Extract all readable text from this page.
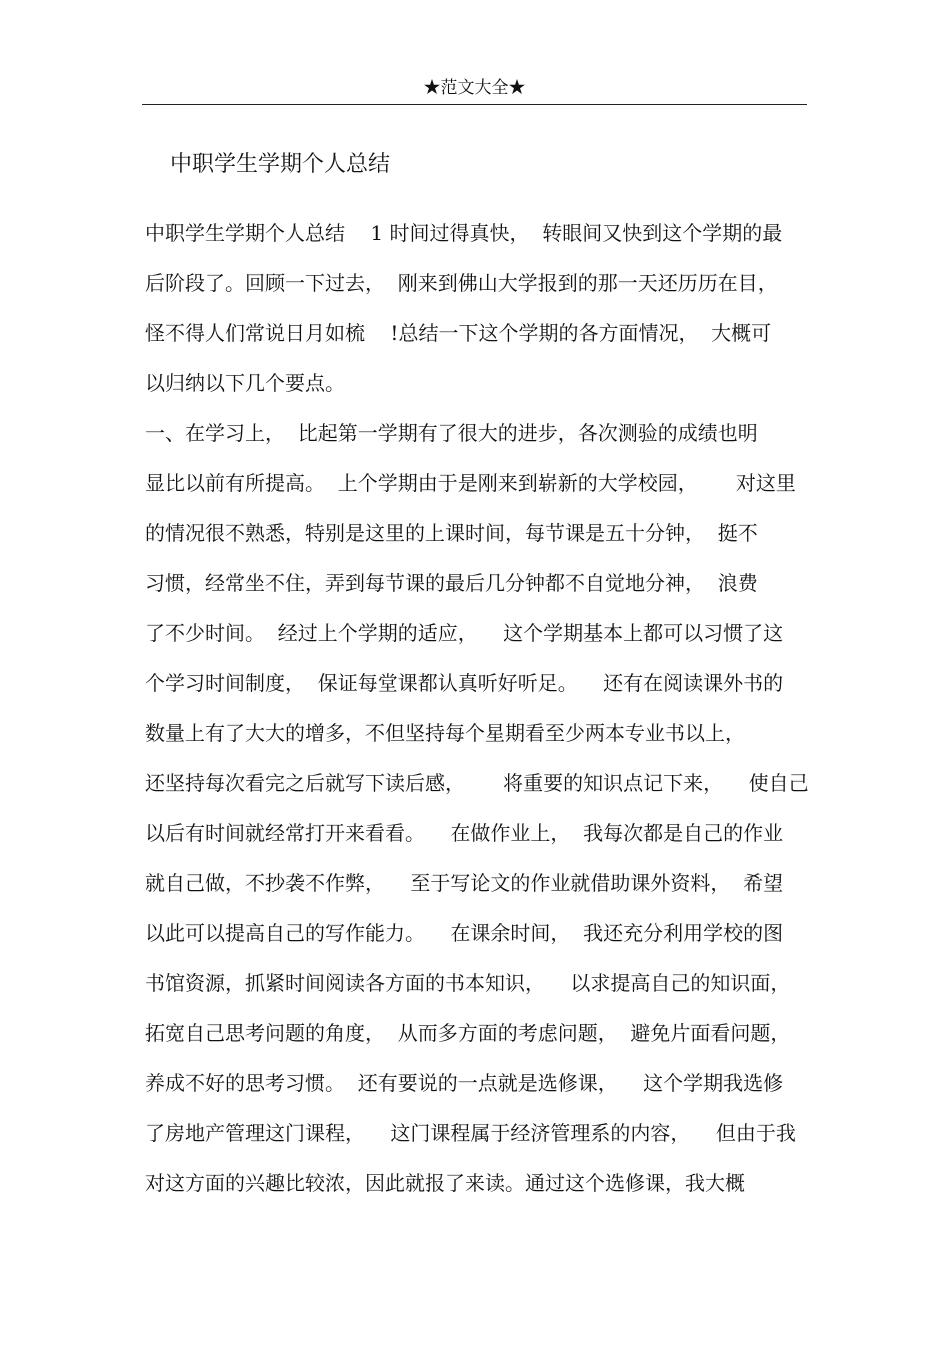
★范文大全★
中职学生学期个人总结
中职学生学期个人总结    1 时间过得真快，  转眼间又快到这个学期的最
后阶段了。回顾一下过去，  刚来到佛山大学报到的那一天还历历在目，
怪不得人们常说日月如梳    !总结一下这个学期的各方面情况，  大概可
以归纳以下几个要点。
一、在学习上，  比起第一学期有了很大的进步，各次测验的成绩也明
显比以前有所提高。  上个学期由于是刚来到崭新的大学校园，      对这里
的情况很不熟悉，特别是这里的上课时间，每节课是五十分钟，  挺不
习惯，经常坐不住，弄到每节课的最后几分钟都不自觉地分神，  浪费
了不少时间。  经过上个学期的适应，    这个学期基本上都可以习惯了这
个学习时间制度，  保证每堂课都认真听好听足。    还有在阅读课外书的
数量上有了大大的增多，不但坚持每个星期看至少两本专业书以上，
还坚持每次看完之后就写下读后感，      将重要的知识点记下来，    使自己
以后有时间就经常打开来看看。    在做作业上，  我每次都是自己的作业
就自己做，不抄袭不作弊，    至于写论文的作业就借助课外资料，  希望
以此可以提高自己的写作能力。    在课余时间，  我还充分利用学校的图
书馆资源，抓紧时间阅读各方面的书本知识，    以求提高自己的知识面，
拓宽自己思考问题的角度，  从而多方面的考虑问题，  避免片面看问题，
养成不好的思考习惯。  还有要说的一点就是选修课，    这个学期我选修
了房地产管理这门课程，    这门课程属于经济管理系的内容，    但由于我
对这方面的兴趣比较浓，因此就报了来读。通过这个选修课，我大概
